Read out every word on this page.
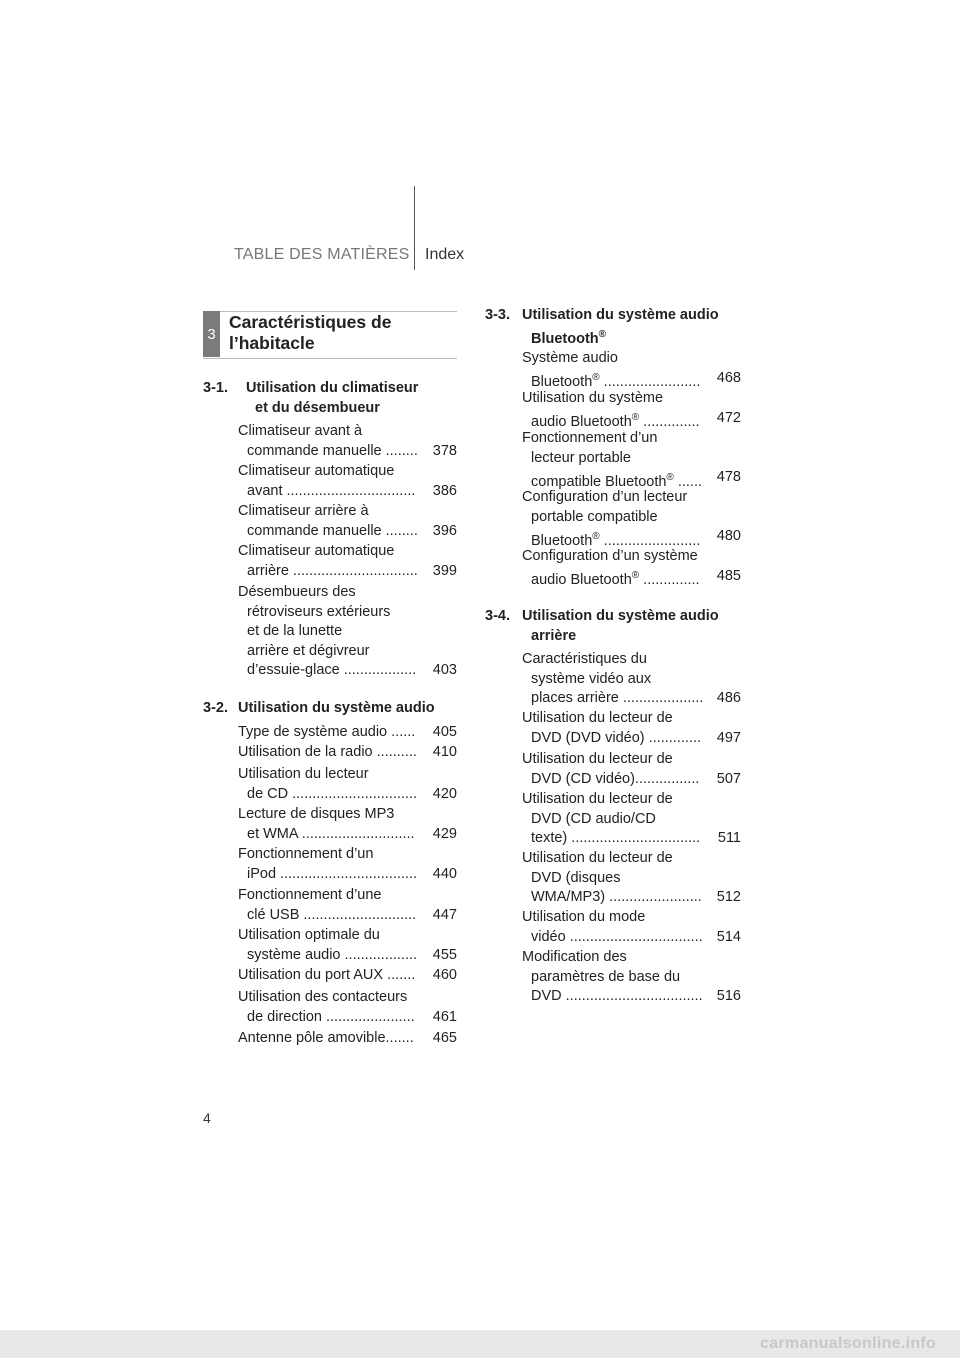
TABLE DES MATIÈRES Index
3
Caractéristiques de
l’habitacle
3-1. Utilisation du climatiseur
et du désembueur
Climatiseur avant à
commande manuelle ........ 378
Climatiseur automatique
avant ................................ 386
Climatiseur arrière à
commande manuelle ........ 396
Climatiseur automatique
arrière ............................... 399
Désembueurs des
rétroviseurs extérieurs
et de la lunette
arrière et dégivreur
d’essuie-glace .................. 403
3-2. Utilisation du système audio
Type de système audio ...... 405
Utilisation de la radio .......... 410
Utilisation du lecteur
de CD ............................... 420
Lecture de disques MP3
et WMA ............................ 429
Fonctionnement d’un
iPod .................................. 440
Fonctionnement d’une
clé USB ............................ 447
Utilisation optimale du
système audio .................. 455
Utilisation du port AUX ....... 460
Utilisation des contacteurs
de direction ...................... 461
Antenne pôle amovible....... 465
3-3. Utilisation du système audio
Bluetooth®
Système audio
Bluetooth® ........................ 468
Utilisation du système
audio Bluetooth® .............. 472
Fonctionnement d’un
lecteur portable
compatible Bluetooth® ...... 478
Configuration d’un lecteur
portable compatible
Bluetooth® ........................ 480
Configuration d’un système
audio Bluetooth® .............. 485
3-4. Utilisation du système audio
arrière
Caractéristiques du
système vidéo aux
places arrière .................... 486
Utilisation du lecteur de
DVD (DVD vidéo) ............. 497
Utilisation du lecteur de
DVD (CD vidéo)................ 507
Utilisation du lecteur de
DVD (CD audio/CD
texte) ................................ 511
Utilisation du lecteur de
DVD (disques
WMA/MP3) ....................... 512
Utilisation du mode
vidéo ................................. 514
Modification des
paramètres de base du
DVD .................................. 516
4
carmanualsonline.info
